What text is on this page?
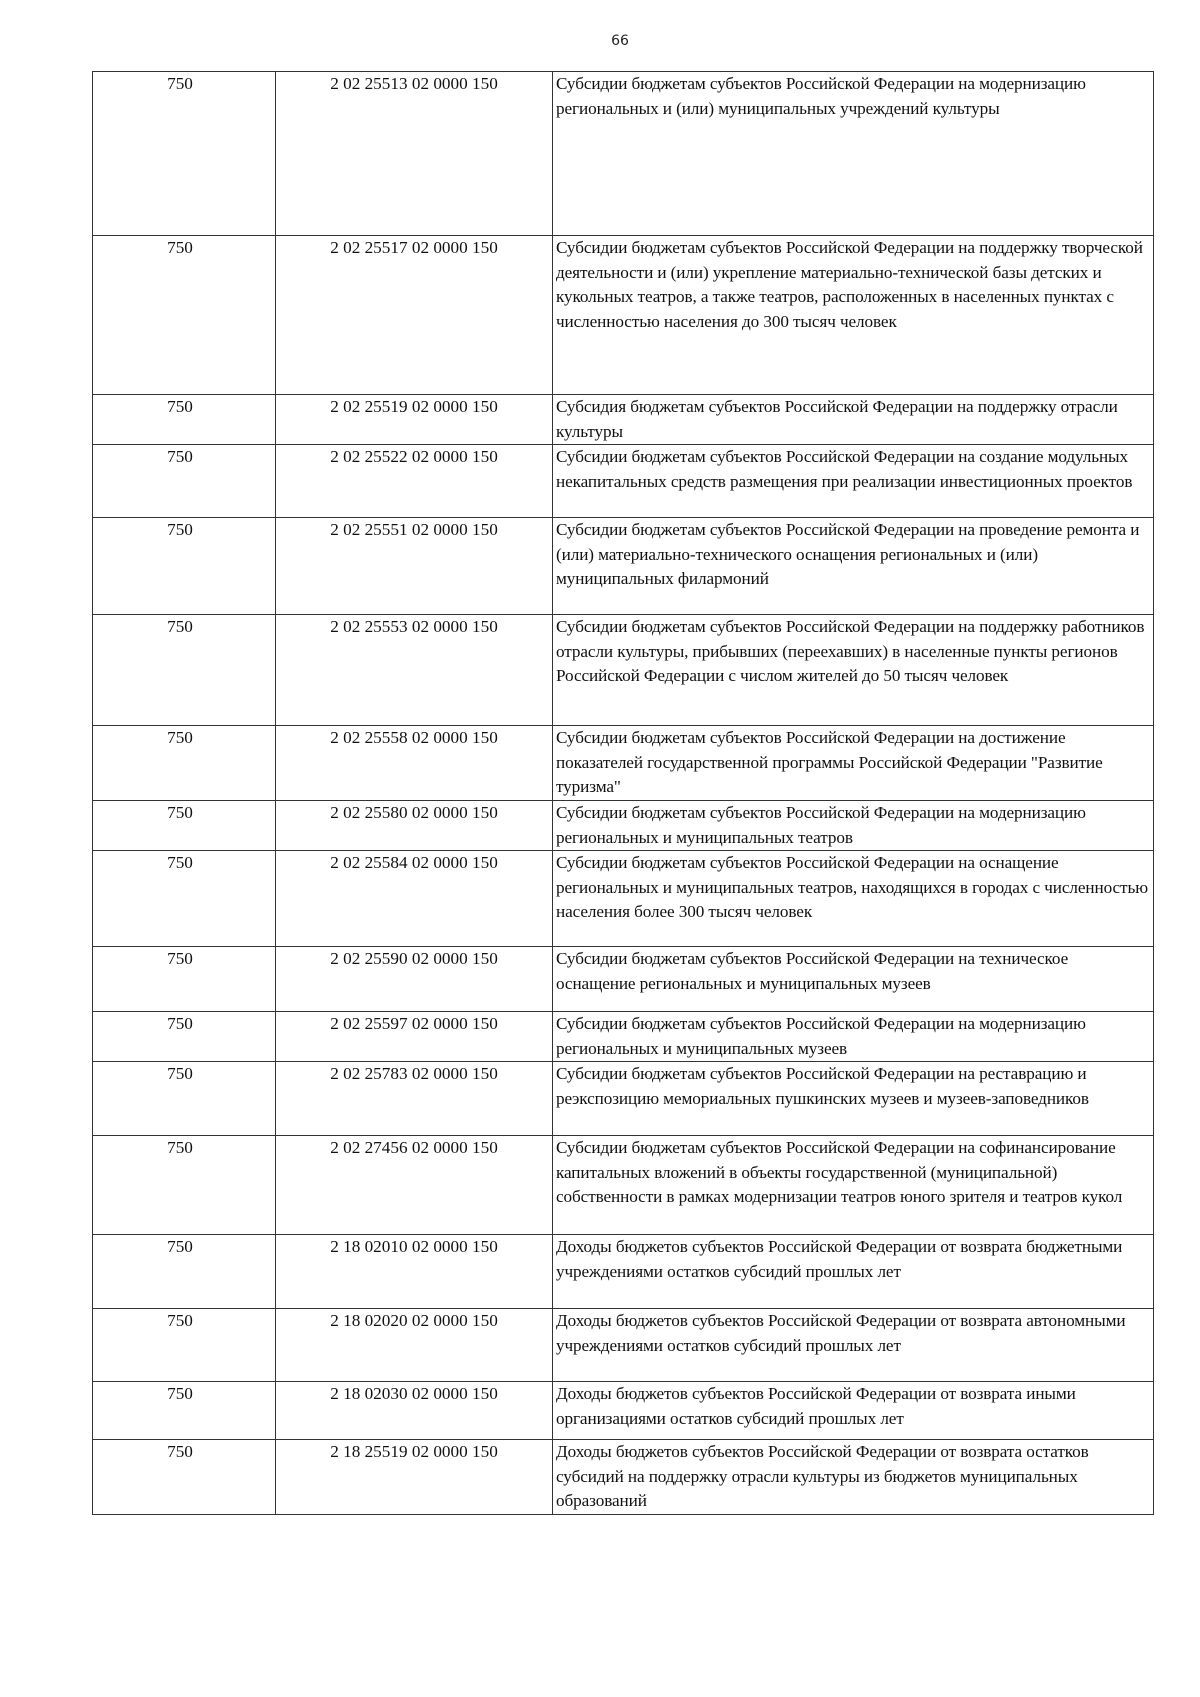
66
750	2 02 25513 02 0000 150	Субсидии бюджетам субъектов Российской Федерации на модернизацию региональных и (или) муниципальных учреждений культуры
750	2 02 25517 02 0000 150	Субсидии бюджетам субъектов Российской Федерации на поддержку творческой деятельности и (или) укрепление материально-технической базы детских и кукольных театров, а также театров, расположенных в населенных пунктах с численностью населения до 300 тысяч человек
750	2 02 25519 02 0000 150	Субсидия бюджетам субъектов Российской Федерации на поддержку отрасли культуры
750	2 02 25522 02 0000 150	Субсидии бюджетам субъектов Российской Федерации на создание модульных некапитальных средств размещения при реализации инвестиционных проектов
750	2 02 25551 02 0000 150	Субсидии бюджетам субъектов Российской Федерации на проведение ремонта и (или) материально-технического оснащения региональных и (или) муниципальных филармоний
750	2 02 25553 02 0000 150	Субсидии бюджетам субъектов Российской Федерации на поддержку работников отрасли культуры, прибывших (переехавших) в населенные пункты регионов Российской Федерации с числом жителей до 50 тысяч человек
750	2 02 25558 02 0000 150	Субсидии бюджетам субъектов Российской Федерации на достижение показателей государственной программы Российской Федерации "Развитие туризма"
750	2 02 25580 02 0000 150	Субсидии бюджетам субъектов Российской Федерации на модернизацию региональных и муниципальных театров
750	2 02 25584 02 0000 150	Субсидии бюджетам субъектов Российской Федерации на оснащение региональных и муниципальных театров, находящихся в городах с численностью населения более 300 тысяч человек
750	2 02 25590 02 0000 150	Субсидии бюджетам субъектов Российской Федерации на техническое оснащение региональных и муниципальных музеев
750	2 02 25597 02 0000 150	Субсидии бюджетам субъектов Российской Федерации на модернизацию региональных и муниципальных музеев
750	2 02 25783 02 0000 150	Субсидии бюджетам субъектов Российской Федерации на реставрацию и реэкспозицию мемориальных пушкинских музеев и музеев-заповедников
750	2 02 27456 02 0000 150	Субсидии бюджетам субъектов Российской Федерации на софинансирование капитальных вложений в объекты государственной (муниципальной) собственности в рамках модернизации театров юного зрителя и театров кукол
750	2 18 02010 02 0000 150	Доходы бюджетов субъектов Российской Федерации от возврата бюджетными учреждениями остатков субсидий прошлых лет
750	2 18 02020 02 0000 150	Доходы бюджетов субъектов Российской Федерации от возврата автономными учреждениями остатков субсидий прошлых лет
750	2 18 02030 02 0000 150	Доходы бюджетов субъектов Российской Федерации от возврата иными организациями остатков субсидий прошлых лет
750	2 18 25519 02 0000 150	Доходы бюджетов субъектов Российской Федерации от возврата остатков субсидий на поддержку отрасли культуры из бюджетов муниципальных образований
